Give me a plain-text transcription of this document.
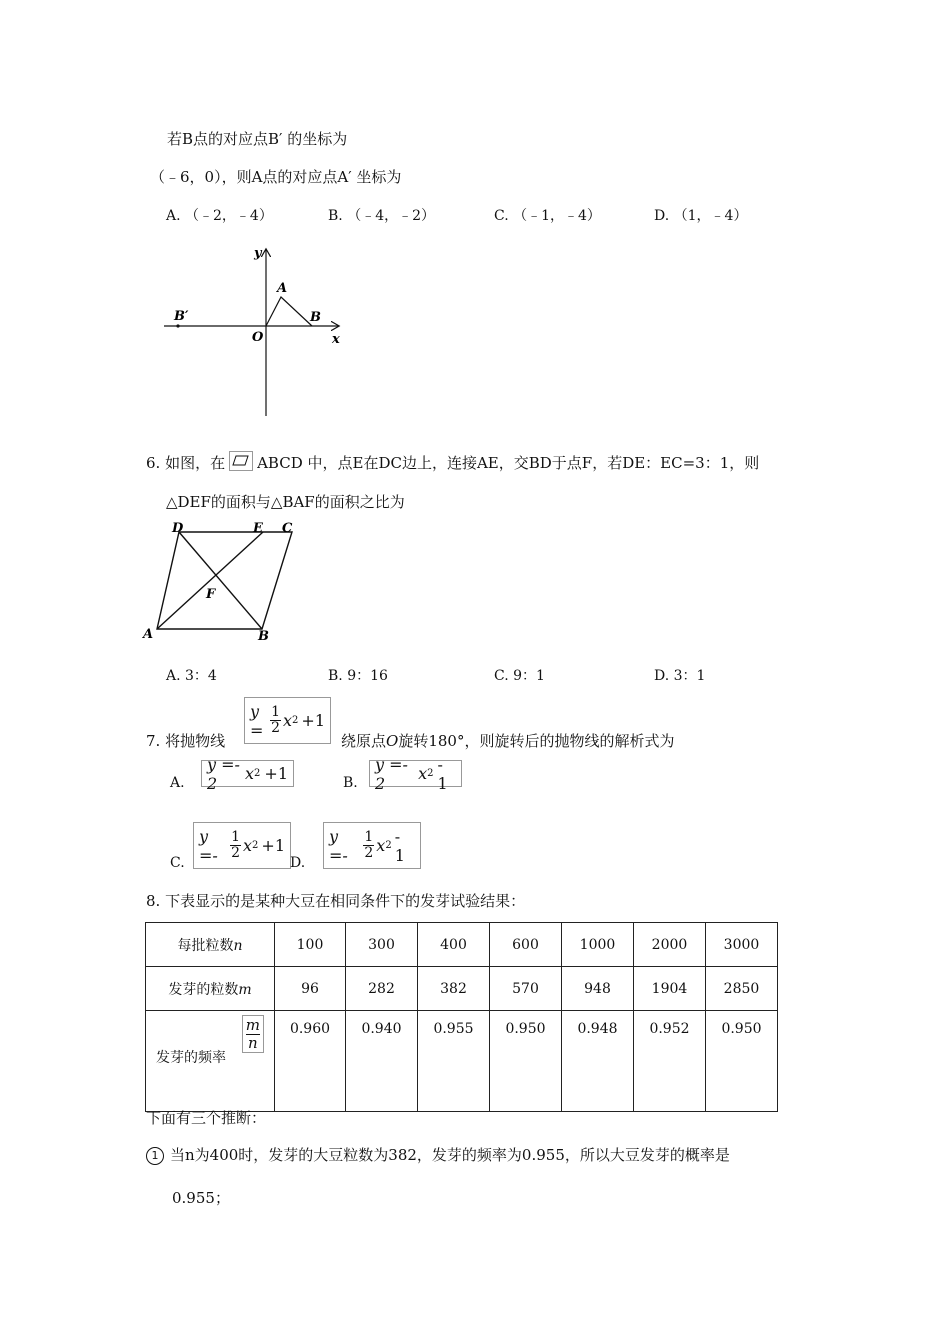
若B点的对应点B′ 的坐标为
（﹣6，0），则A点的对应点A′ 坐标为
A. （﹣2，﹣4）	B. （﹣4，﹣2）	C. （﹣1，﹣4）	D. （1，﹣4）
y
x
O
A
B
B′
6. 如图，在 ABCD 中，点E在DC边上，连接AE，交BD于点F，若DE：EC=3：1，则
△DEF的面积与△BAF的面积之比为
D	E C
F
A	B
A. 3：4	B. 9：16	C. 9：1	D. 3：1
7. 将抛物线
$y = \frac{1}{2}$ x 2 +1
绕原点O旋转180°，则旋转后的抛物线的解析式为
A.
y =- 2	x 2 +1	B.
y =- 2	x 2 - 1
C.
$y =- \frac{1}{2}$ x 2 +1
D.
y =-	$\frac{1}{2}$ x 2 - 1
8. 下表显示的是某种大豆在相同条件下的发芽试验结果：
每批粒数n	100	300	400	600	1000	2000	3000
发芽的粒数m	96	282	382	570	948	1904	2850

$\frac{m}{n}$
发芽的频率	0.960	0.940	0.955	0.950	0.948	0.952	0.950
下面有三个推断：
1 当n为400时，发芽的大豆粒数为382，发芽的频率为0.955，所以大豆发芽的概率是
0.955；
